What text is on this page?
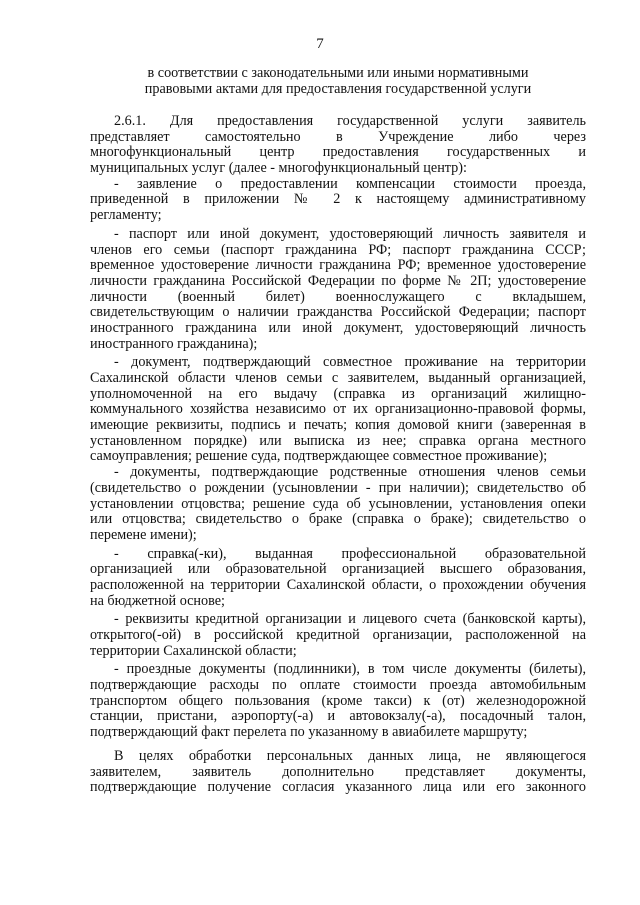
7
в соответствии с законодательными или иными нормативными
правовыми актами для предоставления государственной услуги
2.6.1.    Для    предоставления    государственной    услуги    заявитель
представляет самостоятельно в Учреждение либо через
многофункциональный центр предоставления государственных и
муниципальных услуг (далее - многофункциональный центр):
- заявление о предоставлении компенсации стоимости проезда,
приведенной в приложении № 2 к настоящему административному
регламенту;
- паспорт или иной документ, удостоверяющий личность заявителя и
членов его семьи (паспорт гражданина РФ; паспорт гражданина СССР;
временное удостоверение личности гражданина РФ; временное удостоверение
личности гражданина Российской Федерации по форме № 2П; удостоверение
личности (военный билет) военнослужащего с вкладышем,
свидетельствующим о наличии гражданства Российской Федерации; паспорт
иностранного гражданина или иной документ, удостоверяющий личность
иностранного гражданина);
- документ, подтверждающий совместное проживание на территории
Сахалинской области членов семьи с заявителем, выданный организацией,
уполномоченной на его выдачу (справка из организаций жилищно-
коммунального хозяйства независимо от их организационно-правовой формы,
имеющие реквизиты, подпись и печать; копия домовой книги (заверенная в
установленном порядке) или выписка из нее; справка органа местного
самоуправления; решение суда, подтверждающее совместное проживание);
- документы, подтверждающие родственные отношения членов семьи
(свидетельство о рождении (усыновлении - при наличии); свидетельство об
установлении отцовства; решение суда об усыновлении, установления опеки
или отцовства; свидетельство о браке (справка о браке); свидетельство о
перемене имени);
- справка(-ки), выданная профессиональной образовательной
организацией или образовательной организацией высшего образования,
расположенной на территории Сахалинской области, о прохождении обучения
на бюджетной основе;
- реквизиты кредитной организации и лицевого счета (банковской карты),
открытого(-ой) в российской кредитной организации, расположенной на
территории Сахалинской области;
- проездные документы (подлинники), в том числе документы (билеты),
подтверждающие расходы по оплате стоимости проезда автомобильным
транспортом общего пользования (кроме такси) к (от) железнодорожной
станции, пристани, аэропорту(-а) и автовокзалу(-а), посадочный талон,
подтверждающий факт перелета по указанному в авиабилете маршруту;
В целях обработки персональных данных лица, не являющегося
заявителем, заявитель дополнительно представляет документы,
подтверждающие получение согласия указанного лица или его законного
